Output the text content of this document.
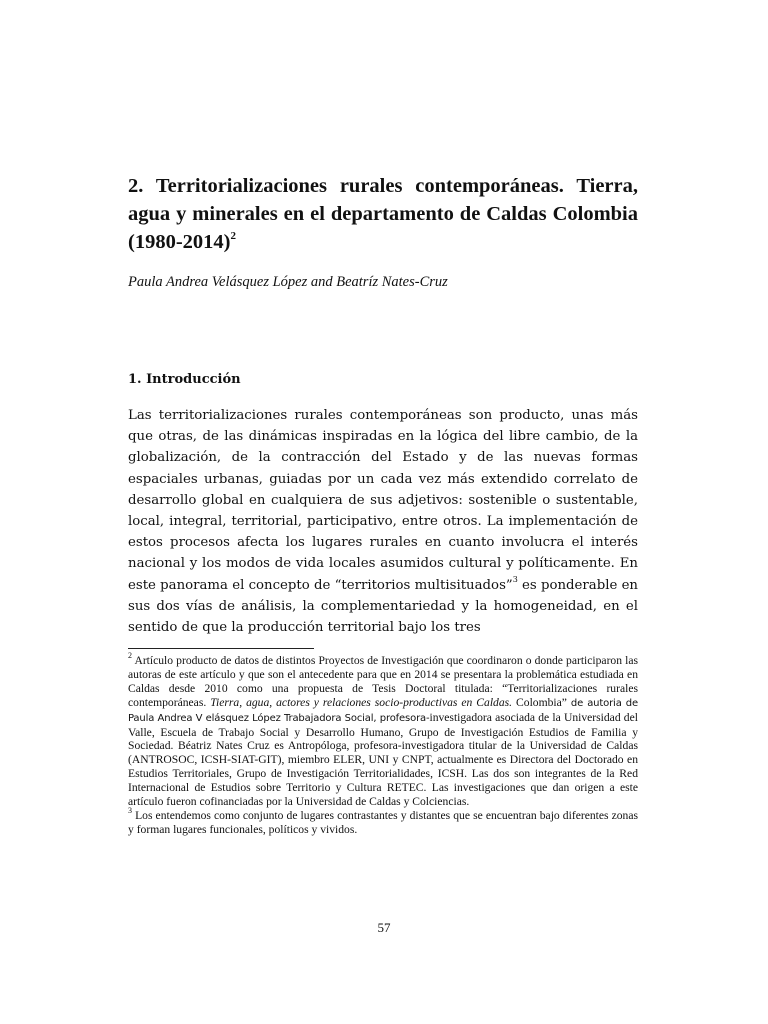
2. Territorializaciones rurales contemporáneas. Tierra, agua y minerales en el departamento de Caldas Colombia (1980-2014)$^2$

Paula Andrea Velásquez López and Beatríz Nates-Cruz

1. Introducción

Las territorializaciones rurales contemporáneas son producto, unas más que otras, de las dinámicas inspiradas en la lógica del libre cambio, de la globalización, de la contracción del Estado y de las nuevas formas espaciales urbanas, guiadas por un cada vez más extendido correlato de desarrollo global en cualquiera de sus adjetivos: sostenible o sustentable, local, integral, territorial, participativo, entre otros. La implementación de estos procesos afecta los lugares rurales en cuanto involucra el interés nacional y los modos de vida locales asumidos cultural y políticamente. En este panorama el concepto de “territorios multisituados”$^3$ es ponderable en sus dos vías de análisis, la complementariedad y la homogeneidad, en el sentido de que la producción territorial bajo los tres

$^2$ Artículo producto de datos de distintos Proyectos de Investigación que coordinaron o donde participaron las autoras de este artículo y que son el antecedente para que en 2014 se presentara la problemática estudiada en Caldas desde 2010 como una propuesta de Tesis Doctoral titulada: “Territorializaciones rurales contemporáneas. Tierra, agua, actores y relaciones socio-productivas en Caldas. Colombia” de autoria de Paula Andrea V elásquez López Trabajadora Social, profesora-investigadora asociada de la Universidad del Valle, Escuela de Trabajo Social y Desarrollo Humano, Grupo de Investigación Estudios de Familia y Sociedad. Béatriz Nates Cruz es Antropóloga, profesora-investigadora titular de la Universidad de Caldas (ANTROSOC, ICSH-SIAT-GIT), miembro ELER, UNI y CNPT, actualmente es Directora del Doctorado en Estudios Territoriales, Grupo de Investigación Territorialidades, ICSH. Las dos son integrantes de la Red Internacional de Estudios sobre Territorio y Cultura RETEC. Las investigaciones que dan origen a este artículo fueron cofinanciadas por la Universidad de Caldas y Colciencias.

$^3$ Los entendemos como conjunto de lugares contrastantes y distantes que se encuentran bajo diferentes zonas y forman lugares funcionales, políticos y vividos.

57
